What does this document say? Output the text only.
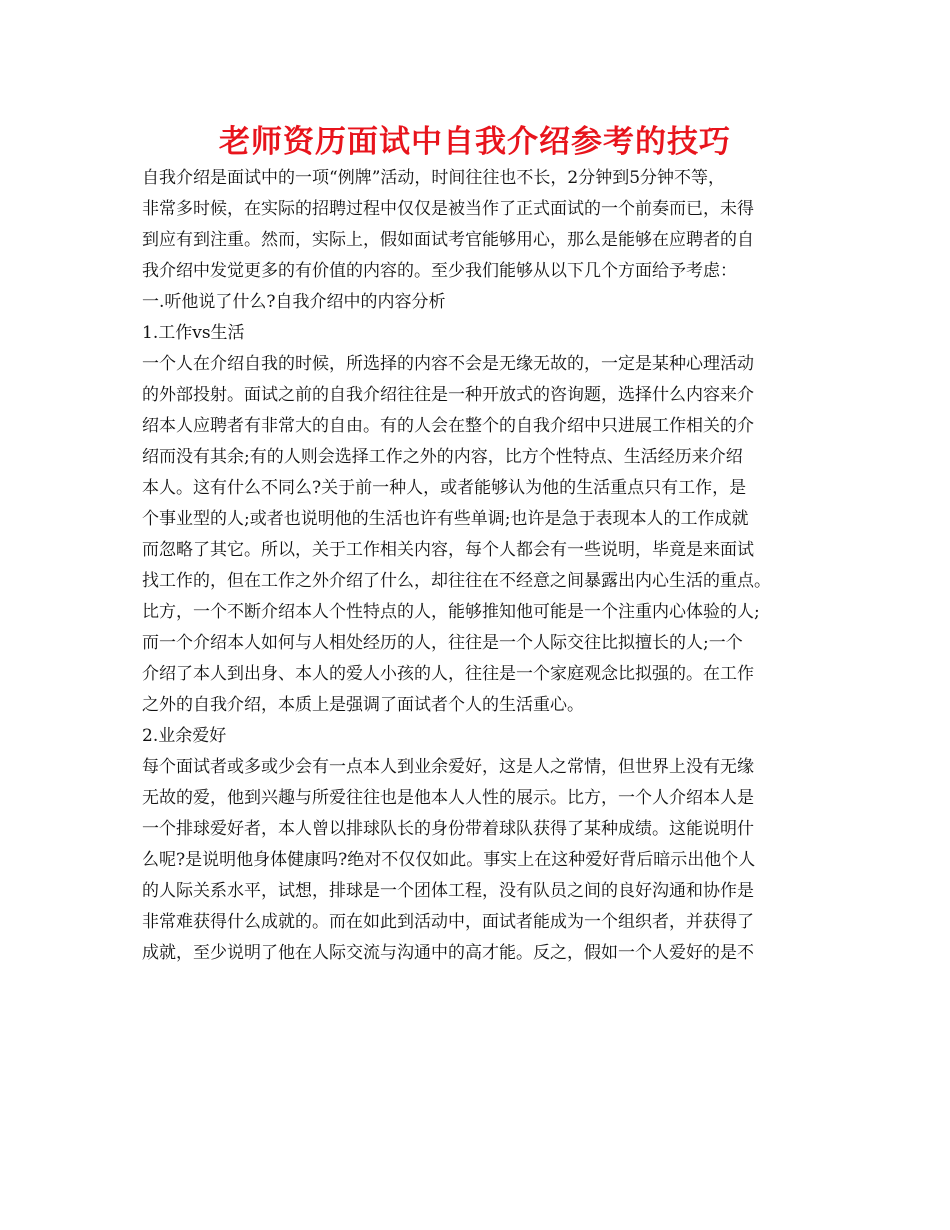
老师资历面试中自我介绍参考的技巧
自我介绍是面试中的一项“例牌”活动，时间往往也不长，2分钟到5分钟不等，
非常多时候，在实际的招聘过程中仅仅是被当作了正式面试的一个前奏而已，未得
到应有到注重。然而，实际上，假如面试考官能够用心，那么是能够在应聘者的自
我介绍中发觉更多的有价值的内容的。至少我们能够从以下几个方面给予考虑：
一.听他说了什么?自我介绍中的内容分析
1.工作vs生活
一个人在介绍自我的时候，所选择的内容不会是无缘无故的，一定是某种心理活动
的外部投射。面试之前的自我介绍往往是一种开放式的咨询题，选择什么内容来介
绍本人应聘者有非常大的自由。有的人会在整个的自我介绍中只进展工作相关的介
绍而没有其余;有的人则会选择工作之外的内容，比方个性特点、生活经历来介绍
本人。这有什么不同么?关于前一种人，或者能够认为他的生活重点只有工作，是
个事业型的人;或者也说明他的生活也许有些单调;也许是急于表现本人的工作成就
而忽略了其它。所以，关于工作相关内容，每个人都会有一些说明，毕竟是来面试
找工作的，但在工作之外介绍了什么，却往往在不经意之间暴露出内心生活的重点。
比方，一个不断介绍本人个性特点的人，能够推知他可能是一个注重内心体验的人;
而一个介绍本人如何与人相处经历的人，往往是一个人际交往比拟擅长的人;一个
介绍了本人到出身、本人的爱人小孩的人，往往是一个家庭观念比拟强的。在工作
之外的自我介绍，本质上是强调了面试者个人的生活重心。
2.业余爱好
每个面试者或多或少会有一点本人到业余爱好，这是人之常情，但世界上没有无缘
无故的爱，他到兴趣与所爱往往也是他本人人性的展示。比方，一个人介绍本人是
一个排球爱好者，本人曾以排球队长的身份带着球队获得了某种成绩。这能说明什
么呢?是说明他身体健康吗?绝对不仅仅如此。事实上在这种爱好背后暗示出他个人
的人际关系水平，试想，排球是一个团体工程，没有队员之间的良好沟通和协作是
非常难获得什么成就的。而在如此到活动中，面试者能成为一个组织者，并获得了
成就，至少说明了他在人际交流与沟通中的高才能。反之，假如一个人爱好的是不
